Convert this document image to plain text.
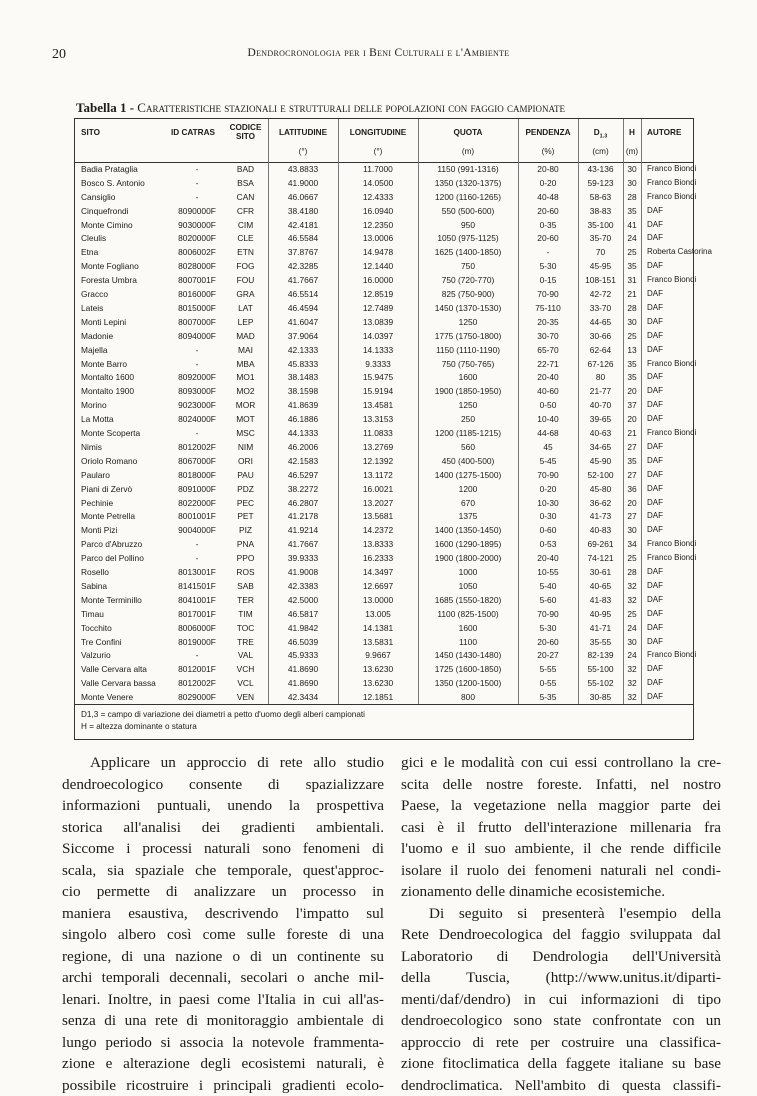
20	Dendrocronologia per i Beni Culturali e l'Ambiente
Tabella 1 - Caratteristiche stazionali e strutturali delle popolazioni con faggio campionate
SITO	ID CATRAS
CODICE
SITO	LATITUDINE	LONGITUDINE	QUOTA	PENDENZA	$D_{1.3}$	H	AUTORE
(°)	(°)	(m)	(%)	(cm)	(m)
Badia Prataglia	-	BAD	43.8833	11.7000	1150 (991-1316)	20-80	43-136	30	Franco Biondi
Bosco S. Antonio	-	BSA	41.9000	14.0500	1350 (1320-1375)	0-20	59-123	30	Franco Biondi
Cansiglio	-	CAN	46.0667	12.4333	1200 (1160-1265)	40-48	58-63	28	Franco Biondi
Cinquefrondi	8090000F	CFR	38.4180	16.0940	550 (500-600)	20-60	38-83	35	DAF
Monte Cimino	9030000F	CIM	42.4181	12.2350	950	0-35	35-100	41	DAF
Cleulis	8020000F	CLE	46.5584	13.0006	1050 (975-1125)	20-60	35-70	24	DAF
Etna	8006002F	ETN	37.8767	14.9478	1625 (1400-1850)	-	70	25	Roberta Castorina
Monte Fogliano	8028000F	FOG	42.3285	12.1440	750	5-30	45-95	35	DAF
Foresta Umbra	8007001F	FOU	41.7667	16.0000	750 (720-770)	0-15	108-151	31	Franco Biondi
Gracco	8016000F	GRA	46.5514	12.8519	825 (750-900)	70-90	42-72	21	DAF
Lateis	8015000F	LAT	46.4594	12.7489	1450 (1370-1530)	75-110	33-70	28	DAF
Monti Lepini	8007000F	LEP	41.6047	13.0839	1250	20-35	44-65	30	DAF
Madonie	8094000F	MAD	37.9064	14.0397	1775 (1750-1800)	30-70	30-66	25	DAF
Majella	-	MAI	42.1333	14.1333	1150 (1110-1190)	65-70	62-64	13	DAF
Monte Barro	-	MBA	45.8333	9.3333	750 (750-765)	22-71	67-126	35	Franco Biondi
Montalto 1600	8092000F	MO1	38.1483	15.9475	1600	20-40	80	35	DAF
Montalto 1900	8093000F	MO2	38.1598	15.9194	1900 (1850-1950)	40-60	21-77	20	DAF
Morino	9023000F	MOR	41.8639	13.4581	1250	0-50	40-70	37	DAF
La Motta	8024000F	MOT	46.1886	13.3153	250	10-40	39-65	20	DAF
Monte Scoperta	-	MSC	44.1333	11.0833	1200 (1185-1215)	44-68	40-63	21	Franco Biondi
Nimis	8012002F	NIM	46.2006	13.2769	560	45	34-65	27	DAF
Oriolo Romano	8067000F	ORI	42.1583	12.1392	450 (400-500)	5-45	45-90	35	DAF
Paularo	8018000F	PAU	46.5297	13.1172	1400 (1275-1500)	70-90	52-100	27	DAF
Piani di Zervò	8091000F	PDZ	38.2272	16.0021	1200	0-20	45-80	36	DAF
Pechinie	8022000F	PEC	46.2807	13.2027	670	10-30	36-62	20	DAF
Monte Petrella	8001001F	PET	41.2178	13.5681	1375	0-30	41-73	27	DAF
Monti Pizi	9004000F	PIZ	41.9214	14.2372	1400 (1350-1450)	0-60	40-83	30	DAF
Parco d'Abruzzo	-	PNA	41.7667	13.8333	1600 (1290-1895)	0-53	69-261	34	Franco Biondi
Parco del Pollino	-	PPO	39.9333	16.2333	1900 (1800-2000)	20-40	74-121	25	Franco Biondi
Rosello	8013001F	ROS	41.9008	14.3497	1000	10-55	30-61	28	DAF
Sabina	8141501F	SAB	42.3383	12.6697	1050	5-40	40-65	32	DAF
Monte Terminillo	8041001F	TER	42.5000	13.0000	1685 (1550-1820)	5-60	41-83	32	DAF
Timau	8017001F	TIM	46.5817	13.005	1100 (825-1500)	70-90	40-95	25	DAF
Tocchito	8006000F	TOC	41.9842	14.1381	1600	5-30	41-71	24	DAF
Tre Confini	8019000F	TRE	46.5039	13.5831	1100	20-60	35-55	30	DAF
Valzurio	-	VAL	45.9333	9.9667	1450 (1430-1480)	20-27	82-139	24	Franco Biondi
Valle Cervara alta	8012001F	VCH	41.8690	13.6230	1725 (1600-1850)	5-55	55-100	32	DAF
Valle Cervara bassa	8012002F	VCL	41.8690	13.6230	1350 (1200-1500)	0-55	55-102	32	DAF
Monte Venere	8029000F	VEN	42.3434	12.1851	800	5-35	30-85	32	DAF
D1,3 = campo di variazione dei diametri a petto d'uomo degli alberi campionati
H = altezza dominante o statura
Applicare un approccio di rete allo studio
dendroecologico consente di spazializzare
informazioni puntuali, unendo la prospettiva
storica all'analisi dei gradienti ambientali.
Siccome i processi naturali sono fenomeni di
scala, sia spaziale che temporale, quest'approc-
cio permette di analizzare un processo in
maniera esaustiva, descrivendo l'impatto sul
singolo albero così come sulle foreste di una
regione, di una nazione o di un continente su
archi temporali decennali, secolari o anche mil-
lenari. Inoltre, in paesi come l'Italia in cui all'as-
senza di una rete di monitoraggio ambientale di
lungo periodo si associa la notevole frammenta-
zione e alterazione degli ecosistemi naturali, è
possibile ricostruire i principali gradienti ecolo-
gici e le modalità con cui essi controllano la cre-
scita delle nostre foreste. Infatti, nel nostro
Paese, la vegetazione nella maggior parte dei
casi è il frutto dell'interazione millenaria fra
l'uomo e il suo ambiente, il che rende difficile
isolare il ruolo dei fenomeni naturali nel condi-
zionamento delle dinamiche ecosistemiche.
Di seguito si presenterà l'esempio della
Rete Dendroecologica del faggio sviluppata dal
Laboratorio di Dendrologia dell'Università
della Tuscia, (http://www.unitus.it/diparti-
menti/daf/dendro) in cui informazioni di tipo
dendroecologico sono state confrontate con un
approccio di rete per costruire una classifica-
zione fitoclimatica della faggete italiane su base
dendroclimatica. Nell'ambito di questa classifi-
